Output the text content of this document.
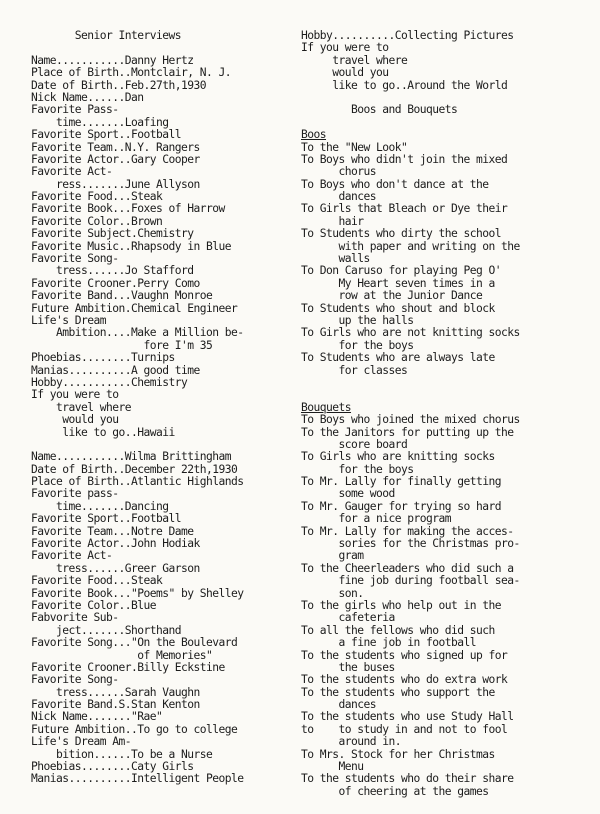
Senior Interviews
Name...........Danny Hertz
Place of Birth..Montclair, N. J.
Date of Birth..Feb.27th,1930
Nick Name......Dan
Favorite Pass-
time.......Loafing
Favorite Sport..Football
Favorite Team..N.Y. Rangers
Favorite Actor..Gary Cooper
Favorite Act-
ress.......June Allyson
Favorite Food...Steak
Favorite Book...Foxes of Harrow
Favorite Color..Brown
Favorite Subject.Chemistry
Favorite Music..Rhapsody in Blue
Favorite Song-
tress......Jo Stafford
Favorite Crooner.Perry Como
Favorite Band...Vaughn Monroe
Future Ambition.Chemical Engineer
Life's Dream
Ambition....Make a Million be-
fore I'm 35
Phoebias........Turnips
Manias..........A good time
Hobby...........Chemistry
If you were to
travel where
would you
like to go..Hawaii
Name...........Wilma Brittingham
Date of Birth..December 22th,1930
Place of Birth..Atlantic Highlands
Favorite pass-
time.......Dancing
Favorite Sport..Football
Favorite Team...Notre Dame
Favorite Actor..John Hodiak
Favorite Act-
tress......Greer Garson
Favorite Food...Steak
Favorite Book..."Poems" by Shelley
Favorite Color..Blue
Fabvorite Sub-
ject.......Shorthand
Favorite Song..."On the Boulevard
of Memories"
Favorite Crooner.Billy Eckstine
Favorite Song-
tress......Sarah Vaughn
Favorite Band.S.Stan Kenton
Nick Name......."Rae"
Future Ambition..To go to college
Life's Dream Am-
bition......To be a Nurse
Phoebias........Caty Girls
Manias..........Intelligent People
Hobby..........Collecting Pictures
If you were to
travel where
would you
like to go..Around the World
Boos and Bouquets
Boos
To the "New Look"
To Boys who didn't join the mixed
chorus
To Boys who don't dance at the
dances
To Girls that Bleach or Dye their
hair
To Students who dirty the school
with paper and writing on the
walls
To Don Caruso for playing Peg O'
My Heart seven times in a
row at the Junior Dance
To Students who shout and block
up the halls
To Girls who are not knitting socks
for the boys
To Students who are always late
for classes
Bouquets
To Boys who joined the mixed chorus
To the Janitors for putting up the
score board
To Girls who are knitting socks
for the boys
To Mr. Lally for finally getting
some wood
To Mr. Gauger for trying so hard
for a nice program
To Mr. Lally for making the acces-
sories for the Christmas pro-
gram
To the Cheerleaders who did such a
fine job during football sea-
son.
To the girls who help out in the
cafeteria
To all the fellows who did such
a fine job in football
To the students who signed up for
the buses
To the students who do extra work
To the students who support the
dances
To the students who use Study Hall
to    to study in and not to fool
around in.
To Mrs. Stock for her Christmas
Menu
To the students who do their share
of cheering at the games
